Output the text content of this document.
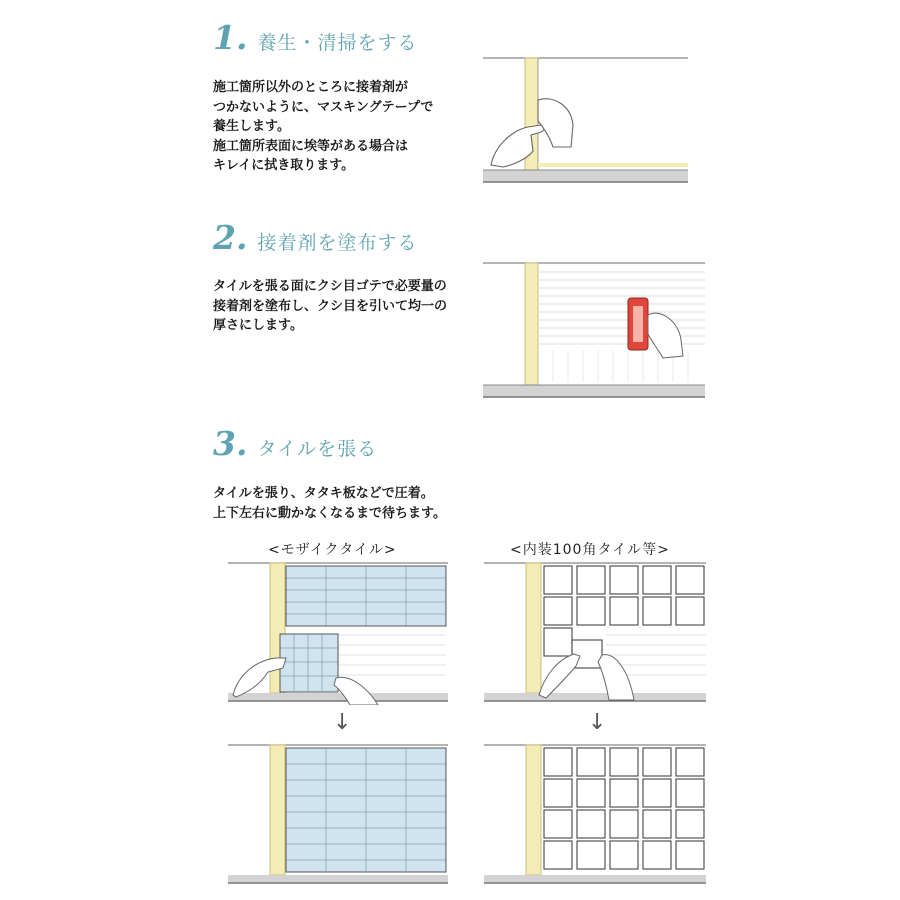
1. 養生・清掃をする

施工箇所以外のところに接着剤が

つかないように、マスキングテープで

養生します。

施工箇所表面に埃等がある場合は

キレイに拭き取ります。

2. 接着剤を塗布する

タイルを張る面にクシ目ゴテで必要量の

接着剤を塗布し、クシ目を引いて均一の

厚さにします。

3. タイルを張る

タイルを張り、タタキ板などで圧着。

上下左右に動かなくなるまで待ちます。

<モザイクタイル>	<内装100角タイル等>
↓	↓
